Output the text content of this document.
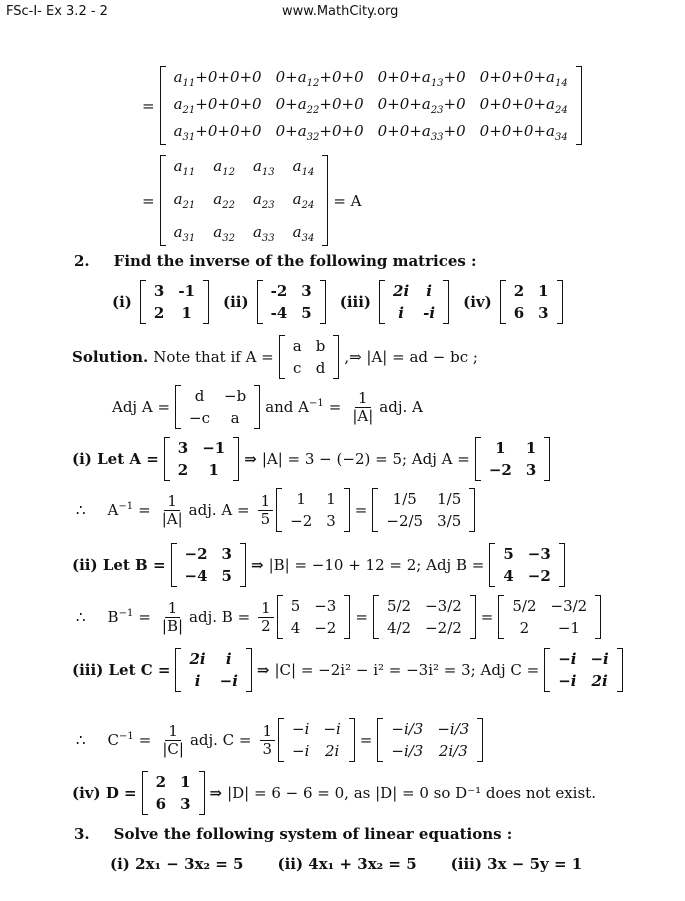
FSc-I- Ex 3.2 - 2	www.MathCity.org
=
$a_{11}+0+0+0$ $0+a_{12}+0+0$ $0+0+a_{13}+0$ $0+0+0+a_{14}$
$a_{21}+0+0+0$ $0+a_{22}+0+0$ $0+0+a_{23}+0$ $0+0+0+a_{24}$
$a_{31}+0+0+0$ $0+a_{32}+0+0$ $0+0+a_{33}+0$ $0+0+0+a_{34}$
=
$a_{11}$ $a_{12}$ $a_{13}$ $a_{14}$
$a_{21}$ $a_{22}$ $a_{23}$ $a_{24}$
$a_{31}$ $a_{32}$ $a_{33}$ $a_{34}$
= A
2. Find the inverse of the following matrices :
(i)
3 -1
2 1
(ii)
-2 3
-4 5
(iii)
2i i
i	-i
(iv)
2 1
6 3
Solution. Note that if A =
a b
c d
,⇒ |A| = ad − bc ;
Adj A =
d	−b
−c	a
and $A^{-1} = \frac{1}{|A|}$ adj. A
(i) Let A =
3 −1
2	1
⇒ |A| = 3 − (−2) = 5; Adj A =
1	1
−2 3
∴ $A^{-1} = \frac{1}{|A|}$ adj. $A = \frac{1}{5}$	1	1
−2 3
=
1/5	1/5
−2/5 3/5
(ii) Let B =
−2 3
−4 5
⇒ |B| = −10 + 12 = 2; Adj B =
5 −3
4 −2
∴ $B^{-1} = \frac{1}{|B|}$ adj. $B = \frac{1}{2} 5 -3$
4 −2
=
5/2 −3/2
4/2 −2/2
=
5/2 −3/2
2	−1
(iii) Let C =
2i	i
i	−i
⇒ |C| = −2i² − i² = −3i² = 3; Adj C =
−i −i
−i 2i
∴ $C^{-1} = \frac{1}{|C|}$ adj. $C = \frac{1}{3} -i -i$
−i 2i
=
−i/3 −i/3
−i/3 2i/3
(iv) D =
2 1
6 3
⇒ |D| = 6 − 6 = 0, as |D| = 0 so D⁻¹ does not exist.
3. Solve the following system of linear equations :
(i) 2x₁ − 3x₂ = 5 (ii) 4x₁ + 3x₂ = 5 (iii) 3x − 5y = 1
